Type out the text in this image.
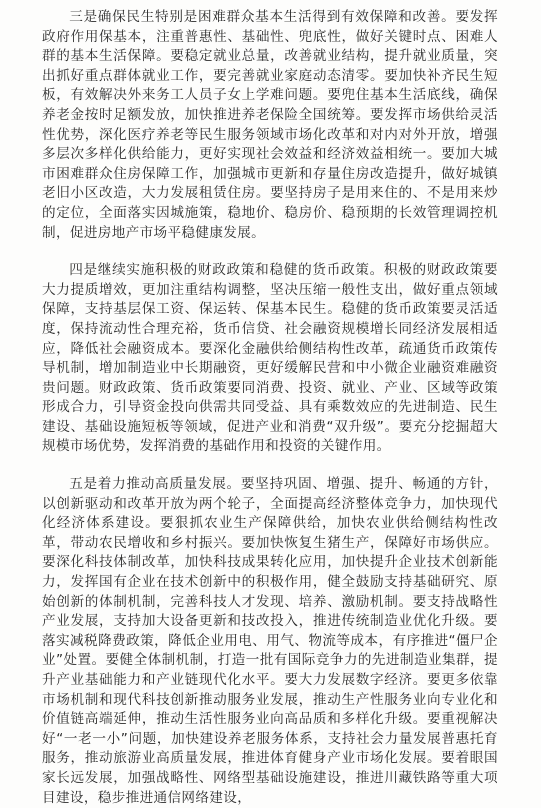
三是确保民生特别是困难群众基本生活得到有效保障和改善。要发挥政府作用保基本，注重普惠性、基础性、兜底性，做好关键时点、困难人群的基本生活保障。要稳定就业总量，改善就业结构，提升就业质量，突出抓好重点群体就业工作，要完善就业家庭动态清零。要加快补齐民生短板，有效解决外来务工人员子女上学难问题。要兜住基本生活底线，确保养老金按时足额发放，加快推进养老保险全国统筹。要发挥市场供给灵活性优势，深化医疗养老等民生服务领域市场化改革和对内对外开放，增强多层次多样化供给能力，更好实现社会效益和经济效益相统一。要加大城市困难群众住房保障工作，加强城市更新和存量住房改造提升，做好城镇老旧小区改造，大力发展租赁住房。要坚持房子是用来住的、不是用来炒的定位，全面落实因城施策，稳地价、稳房价、稳预期的长效管理调控机制，促进房地产市场平稳健康发展。

四是继续实施积极的财政政策和稳健的货币政策。积极的财政政策要大力提质增效，更加注重结构调整，坚决压缩一般性支出，做好重点领域保障，支持基层保工资、保运转、保基本民生。稳健的货币政策要灵活适度，保持流动性合理充裕，货币信贷、社会融资规模增长同经济发展相适应，降低社会融资成本。要深化金融供给侧结构性改革，疏通货币政策传导机制，增加制造业中长期融资，更好缓解民营和中小微企业融资难融资贵问题。财政政策、货币政策要同消费、投资、就业、产业、区域等政策形成合力，引导资金投向供需共同受益、具有乘数效应的先进制造、民生建设、基础设施短板等领域，促进产业和消费“双升级”。要充分挖掘超大规模市场优势，发挥消费的基础作用和投资的关键作用。

五是着力推动高质量发展。要坚持巩固、增强、提升、畅通的方针，以创新驱动和改革开放为两个轮子，全面提高经济整体竞争力，加快现代化经济体系建设。要狠抓农业生产保障供给，加快农业供给侧结构性改革，带动农民增收和乡村振兴。要加快恢复生猪生产，保障好市场供应。要深化科技体制改革，加快科技成果转化应用，加快提升企业技术创新能力，发挥国有企业在技术创新中的积极作用，健全鼓励支持基础研究、原始创新的体制机制，完善科技人才发现、培养、激励机制。要支持战略性产业发展，支持加大设备更新和技改投入，推进传统制造业优化升级。要落实减税降费政策，降低企业用电、用气、物流等成本，有序推进“僵尸企业”处置。要健全体制机制，打造一批有国际竞争力的先进制造业集群，提升产业基础能力和产业链现代化水平。要大力发展数字经济。要更多依靠市场机制和现代科技创新推动服务业发展，推动生产性服务业向专业化和价值链高端延伸，推动生活性服务业向高品质和多样化升级。要重视解决好“一老一小”问题，加快建设养老服务体系，支持社会力量发展普惠托育服务，推动旅游业高质量发展，推进体育健身产业市场化发展。要着眼国家长远发展，加强战略性、网络型基础设施建设，推进川藏铁路等重大项目建设，稳步推进通信网络建设，
